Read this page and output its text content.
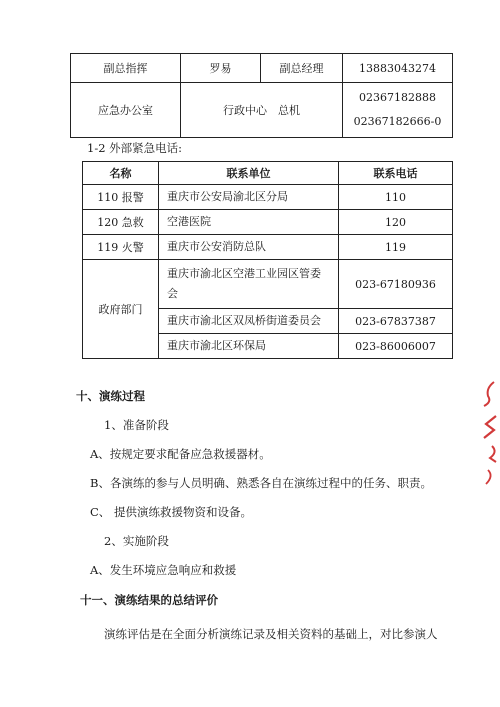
副总指挥	罗易	副总经理	13883043274
应急办公室	行政中心　总机		02367182888
02367182666-0
1-2 外部紧急电话:
名称	联系单位	联系电话
110 报警	重庆市公安局渝北区分局	110
120 急救	空港医院	120
119 火警	重庆市公安消防总队	119
政府部门	重庆市渝北区空港工业园区管委
会	023-67180936
	重庆市渝北区双凤桥街道委员会	023-67837387
	重庆市渝北区环保局	023-86006007
十、演练过程
1、准备阶段
A、按规定要求配备应急救援器材。
B、各演练的参与人员明确、熟悉各自在演练过程中的任务、职责。
C、 提供演练救援物资和设备。
2、实施阶段
A、发生环境应急响应和救援
十一、演练结果的总结评价
演练评估是在全面分析演练记录及相关资料的基础上，对比参演人
